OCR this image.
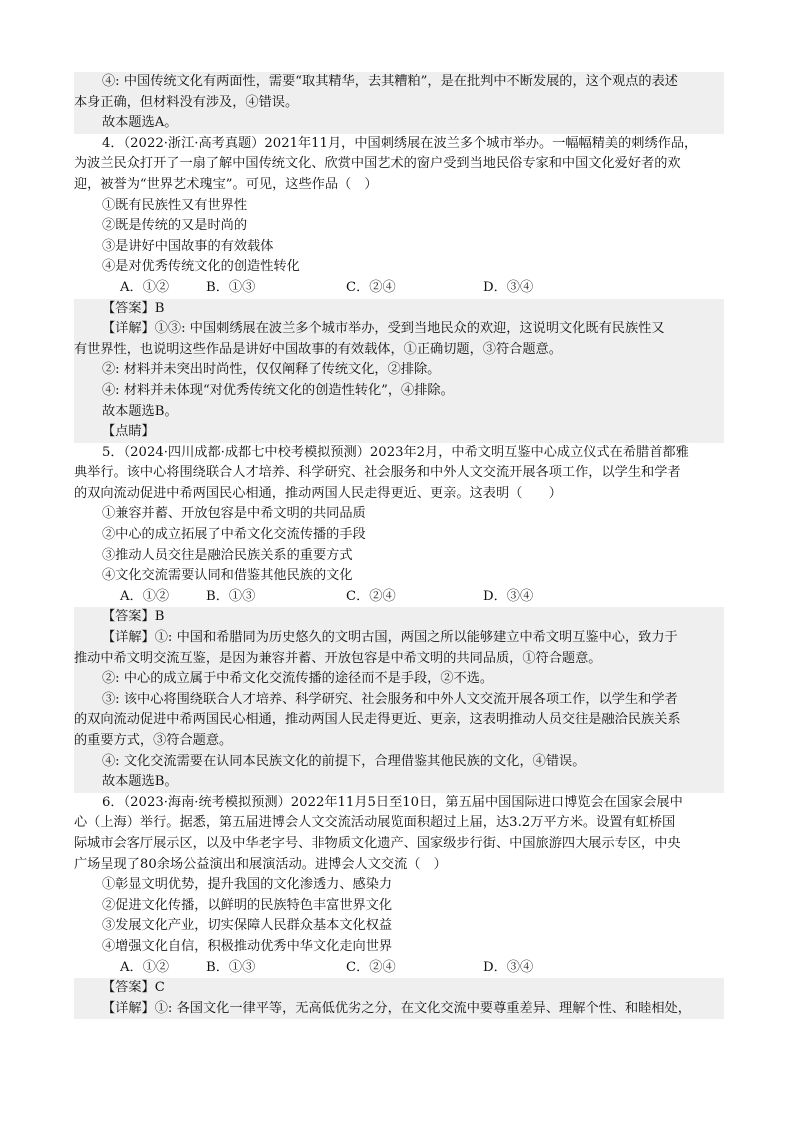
④: 中国传统文化有两面性，需要“取其精华，去其糟粕”，是在批判中不断发展的，这个观点的表述
本身正确，但材料没有涉及，④错误。
故本题选A。
4．（2022·浙江·高考真题）2021年11月，中国刺绣展在波兰多个城市举办。一幅幅精美的刺绣作品，
为波兰民众打开了一扇了解中国传统文化、欣赏中国艺术的窗户受到当地民俗专家和中国文化爱好者的欢
迎，被誉为“世界艺术瑰宝”。可见，这些作品（　）
①既有民族性又有世界性
②既是传统的又是时尚的
③是讲好中国故事的有效载体
④是对优秀传统文化的创造性转化
A．①②	B．①③	C．②④	D．③④
【答案】B
【详解】①③: 中国刺绣展在波兰多个城市举办，受到当地民众的欢迎，这说明文化既有民族性又
有世界性，也说明这些作品是讲好中国故事的有效载体，①正确切题，③符合题意。
②: 材料并未突出时尚性，仅仅阐释了传统文化，②排除。
④: 材料并未体现“对优秀传统文化的创造性转化”，④排除。
故本题选B。
【点睛】
5．（2024·四川成都·成都七中校考模拟预测）2023年2月，中希文明互鉴中心成立仪式在希腊首都雅
典举行。该中心将围绕联合人才培养、科学研究、社会服务和中外人文交流开展各项工作，以学生和学者
的双向流动促进中希两国民心相通，推动两国人民走得更近、更亲。这表明（　　）
①兼容并蓄、开放包容是中希文明的共同品质
②中心的成立拓展了中希文化交流传播的手段
③推动人员交往是融洽民族关系的重要方式
④文化交流需要认同和借鉴其他民族的文化
A．①②	B．①③	C．②④	D．③④
【答案】B
【详解】①: 中国和希腊同为历史悠久的文明古国，两国之所以能够建立中希文明互鉴中心，致力于
推动中希文明交流互鉴，是因为兼容并蓄、开放包容是中希文明的共同品质，①符合题意。
②: 中心的成立属于中希文化交流传播的途径而不是手段，②不选。
③: 该中心将围绕联合人才培养、科学研究、社会服务和中外人文交流开展各项工作，以学生和学者
的双向流动促进中希两国民心相通，推动两国人民走得更近、更亲，这表明推动人员交往是融洽民族关系
的重要方式，③符合题意。
④: 文化交流需要在认同本民族文化的前提下，合理借鉴其他民族的文化，④错误。
故本题选B。
6．（2023·海南·统考模拟预测）2022年11月5日至10日，第五届中国国际进口博览会在国家会展中
心（上海）举行。据悉，第五届进博会人文交流活动展览面积超过上届，达3.2万平方米。设置有虹桥国
际城市会客厅展示区，以及中华老字号、非物质文化遗产、国家级步行街、中国旅游四大展示专区，中央
广场呈现了80余场公益演出和展演活动。进博会人文交流（　）
①彰显文明优势，提升我国的文化渗透力、感染力
②促进文化传播，以鲜明的民族特色丰富世界文化
③发展文化产业，切实保障人民群众基本文化权益
④增强文化自信，积极推动优秀中华文化走向世界
A．①②	B．①③	C．②④	D．③④
【答案】C
【详解】①: 各国文化一律平等，无高低优劣之分，在文化交流中要尊重差异、理解个性、和睦相处，
